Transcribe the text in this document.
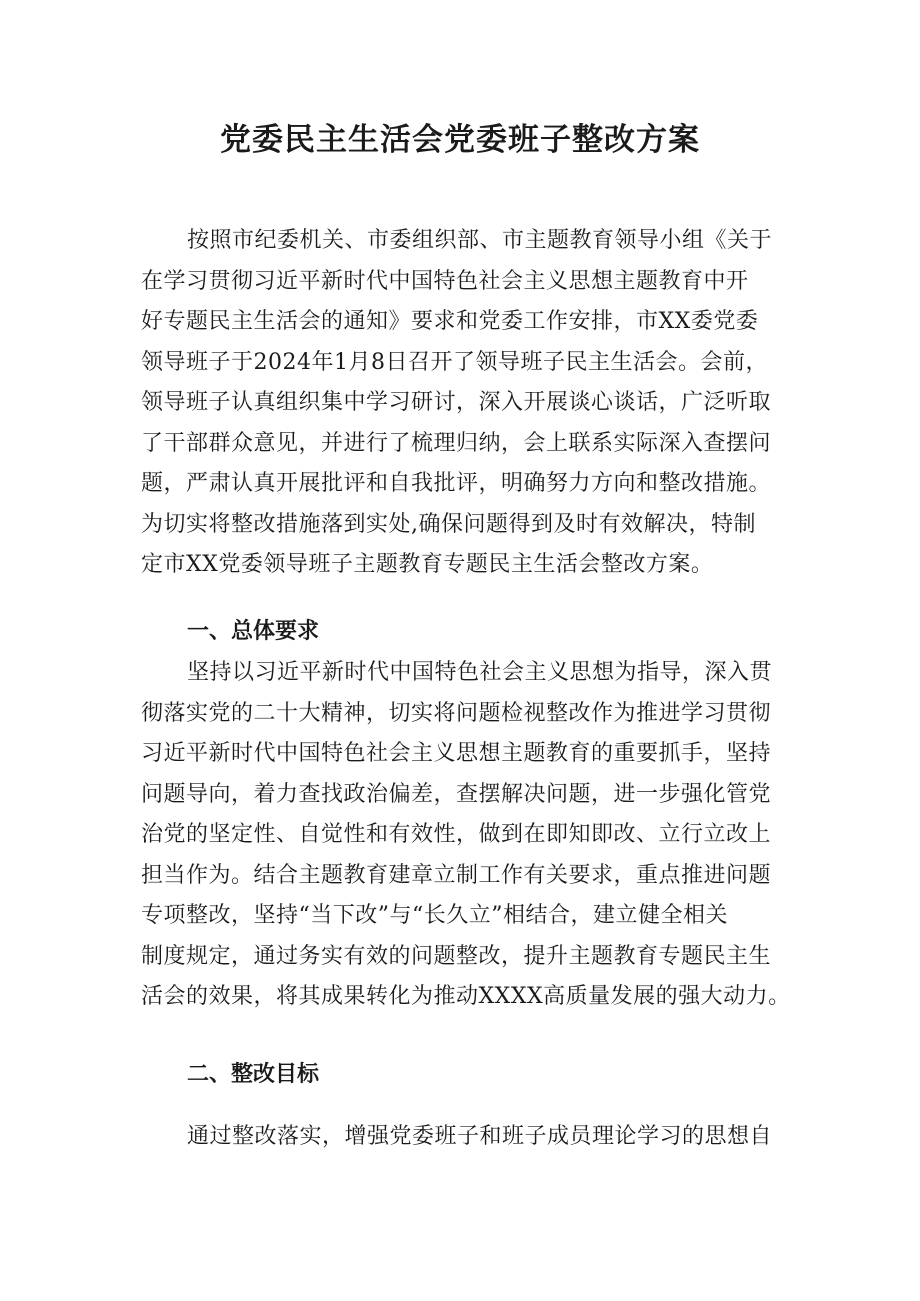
党委民主生活会党委班子整改方案
按照市纪委机关、市委组织部、市主题教育领导小组《关于
在学习贯彻习近平新时代中国特色社会主义思想主题教育中开
好专题民主生活会的通知》要求和党委工作安排，市XX委党委
领导班子于2024年1月8日召开了领导班子民主生活会。会前，
领导班子认真组织集中学习研讨，深入开展谈心谈话，广泛听取
了干部群众意见，并进行了梳理归纳，会上联系实际深入查摆问
题，严肃认真开展批评和自我批评，明确努力方向和整改措施。
为切实将整改措施落到实处,确保问题得到及时有效解决，特制
定市XX党委领导班子主题教育专题民主生活会整改方案。
一、总体要求
坚持以习近平新时代中国特色社会主义思想为指导，深入贯
彻落实党的二十大精神，切实将问题检视整改作为推进学习贯彻
习近平新时代中国特色社会主义思想主题教育的重要抓手，坚持
问题导向，着力查找政治偏差，查摆解决问题，进一步强化管党
治党的坚定性、自觉性和有效性，做到在即知即改、立行立改上
担当作为。结合主题教育建章立制工作有关要求，重点推进问题
专项整改，坚持“当下改”与“长久立”相结合，建立健全相关
制度规定，通过务实有效的问题整改，提升主题教育专题民主生
活会的效果，将其成果转化为推动XXXX高质量发展的强大动力。
二、整改目标
通过整改落实，增强党委班子和班子成员理论学习的思想自
